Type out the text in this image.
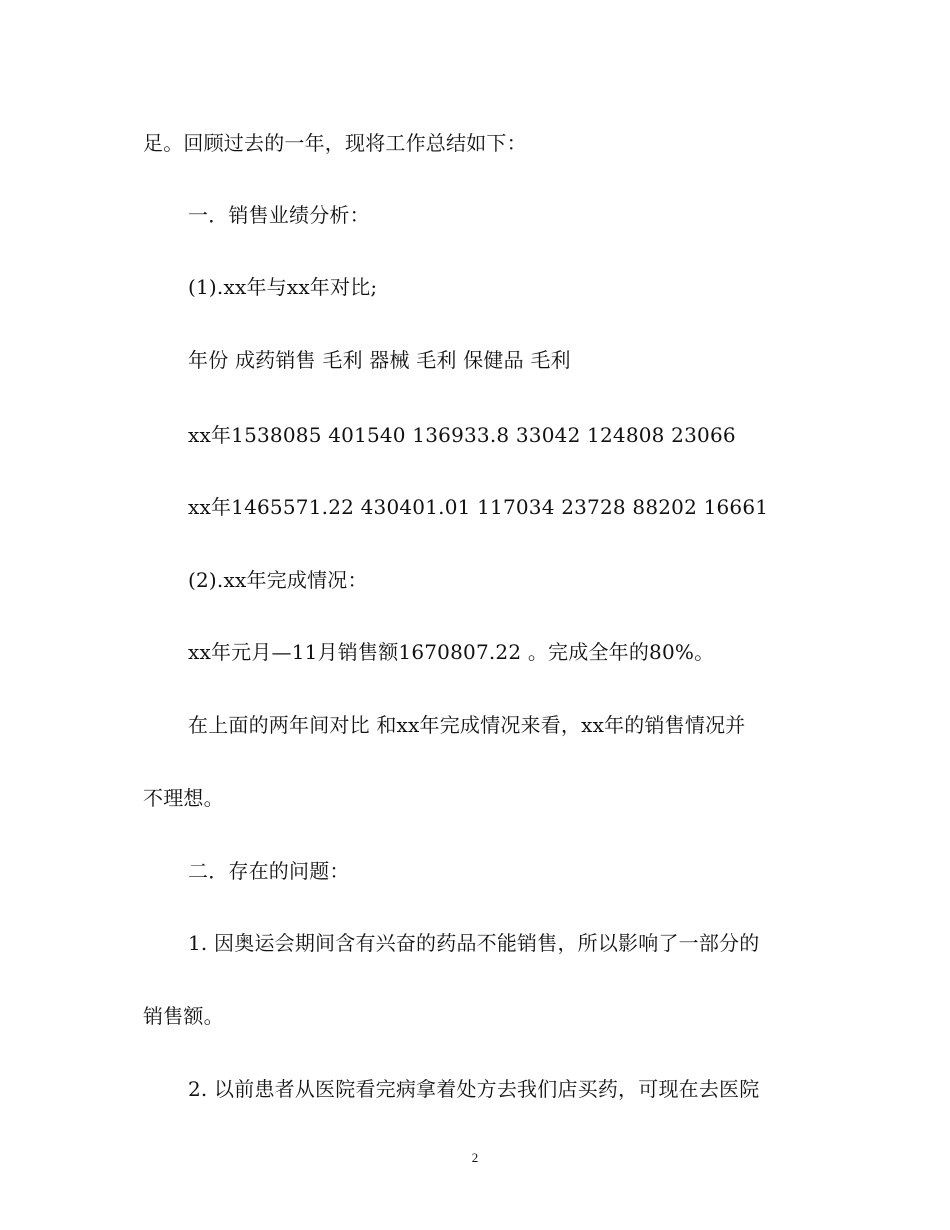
足。回顾过去的一年，现将工作总结如下：
一．销售业绩分析：
(1).xx年与xx年对比;
年份 成药销售 毛利 器械 毛利 保健品 毛利
xx年1538085 401540 136933.8 33042 124808 23066
xx年1465571.22 430401.01 117034 23728 88202 16661
(2).xx年完成情况：
xx年元月—11月销售额1670807.22 。完成全年的80%。
在上面的两年间对比 和xx年完成情况来看，xx年的销售情况并
不理想。
二．存在的问题：
1. 因奥运会期间含有兴奋的药品不能销售，所以影响了一部分的
销售额。
2. 以前患者从医院看完病拿着处方去我们店买药，可现在去医院
2
